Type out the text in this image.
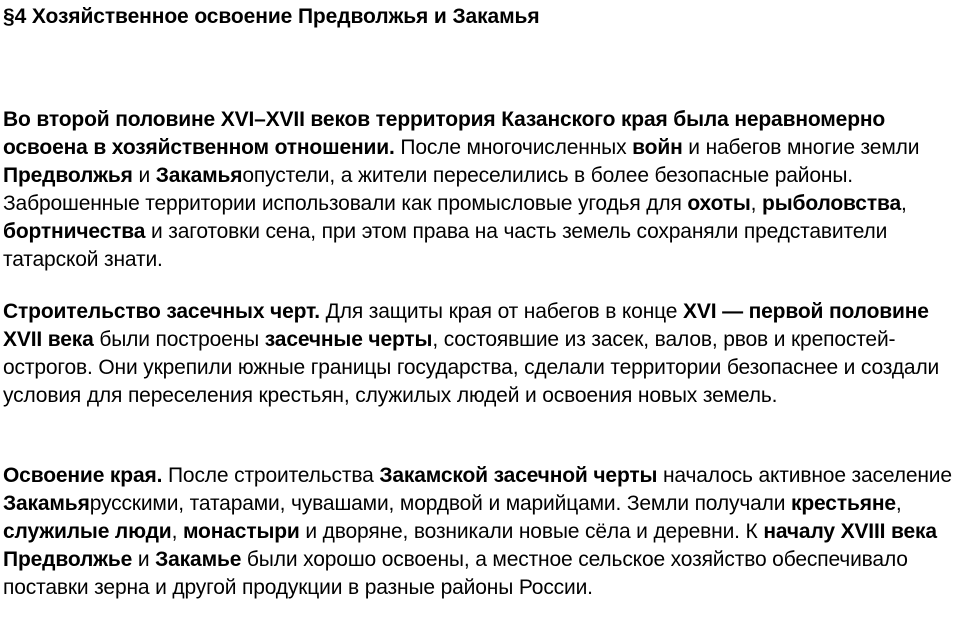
§4 Хозяйственное освоение Предволжья и Закамья

Во второй половине XVI–XVII веков территория Казанского края была неравномерно освоена в хозяйственном отношении. После многочисленных войн и набегов многие земли Предволжья и Закамьяопустели, а жители переселились в более безопасные районы. Заброшенные территории использовали как промысловые угодья для охоты, рыболовства, бортничества и заготовки сена, при этом права на часть земель сохраняли представители татарской знати.

Строительство засечных черт. Для защиты края от набегов в конце XVI — первой половине XVII века были построены засечные черты, состоявшие из засек, валов, рвов и крепостей-острогов. Они укрепили южные границы государства, сделали территории безопаснее и создали условия для переселения крестьян, служилых людей и освоения новых земель.

Освоение края. После строительства Закамской засечной черты началось активное заселение Закамьярусскими, татарами, чувашами, мордвой и марийцами. Земли получали крестьяне, служилые люди, монастыри и дворяне, возникали новые сёла и деревни. К началу XVIII века Предволжье и Закамье были хорошо освоены, а местное сельское хозяйство обеспечивало поставки зерна и другой продукции в разные районы России.
